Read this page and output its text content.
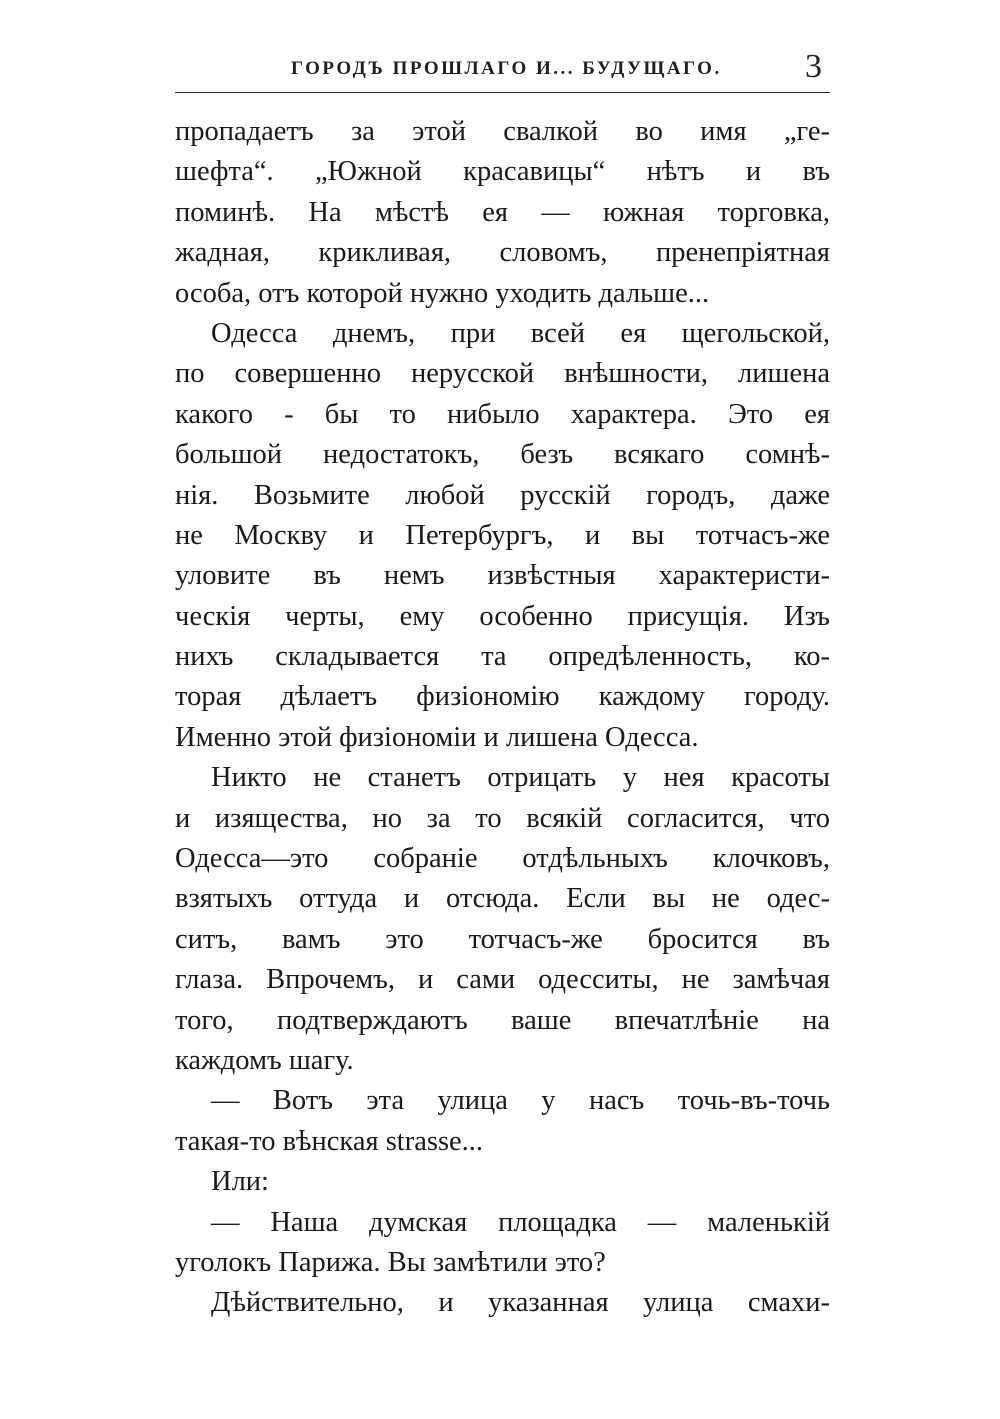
ГОРОДЪ ПРОШЛАГО И... БУДУЩАГО. 3
пропадаетъ за этой свалкой во имя „ге-
шефта“. „Южной красавицы“ нѣтъ и въ
поминѣ. На мѣстѣ ея — южная торговка,
жадная, крикливая, словомъ, пренепріятная
особа, отъ которой нужно уходить дальше...
Одесса днемъ, при всей ея щегольской,
по совершенно нерусской внѣшности, лишена
какого - бы то нибыло характера. Это ея
большой недостатокъ, безъ всякаго сомнѣ-
нія. Возьмите любой русскій городъ, даже
не Москву и Петербургъ, и вы тотчасъ-же
уловите въ немъ извѣстныя характеристи-
ческія черты, ему особенно присущія. Изъ
нихъ складывается та опредѣленность, ко-
торая дѣлаетъ физіономію каждому городу.
Именно этой физіономіи и лишена Одесса.
Никто не станетъ отрицать у нея красоты
и изящества, но за то всякій согласится, что
Одесса—это собраніе отдѣльныхъ клочковъ,
взятыхъ оттуда и отсюда. Если вы не одес-
ситъ, вамъ это тотчасъ-же бросится въ
глаза. Впрочемъ, и сами одесситы, не замѣчая
того, подтверждаютъ ваше впечатлѣніе на
каждомъ шагу.
— Вотъ эта улица у насъ точь-въ-точь
такая-то вѣнская strasse...
Или:
— Наша думская площадка — маленькій
уголокъ Парижа. Вы замѣтили это?
Дѣйствительно, и указанная улица смахи-
